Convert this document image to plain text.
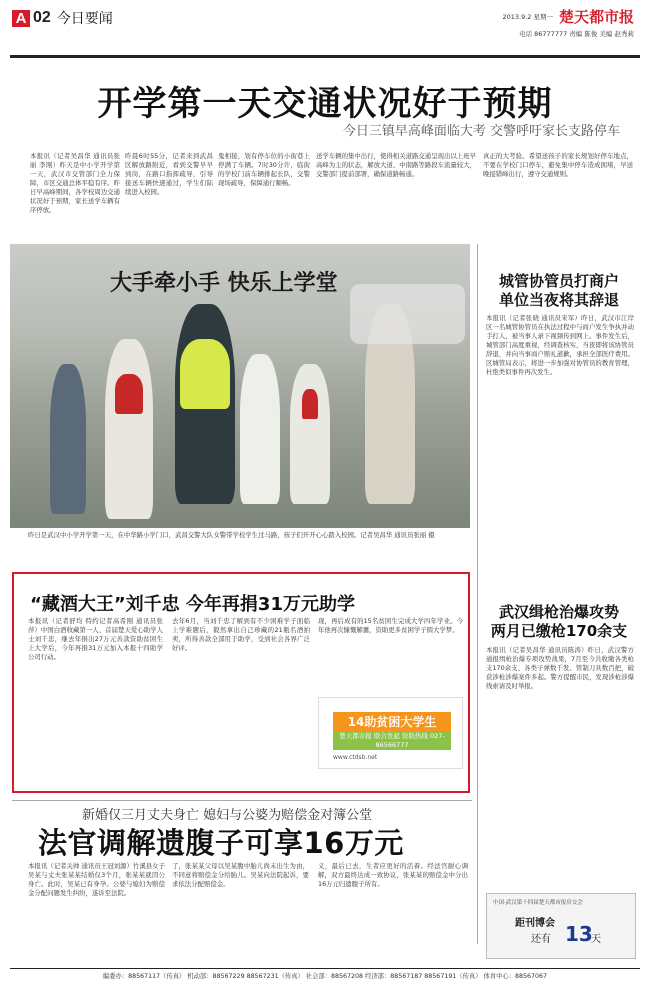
A 02 今日要闻	2013.9.2 星期一 楚天都市报
电话 86777777 责编 陈俊 美编 赵秀莉
开学第一天交通状况好于预期
今日三镇早高峰面临大考 交警呼吁家长支路停车
本报讯（记者吴昌华 通讯员张丽 李刚）昨天是中小学开学第一天，武汉市交管部门全力保障，市区交通总体平稳有序。昨日早高峰期间，各学校周边交通状况好于预期，家长送学车辆有序停放。
昨晨6时55分，记者来到武昌区解放路附近，看到交警早早到岗，在路口指挥疏导，引导接送车辆快速通过，学生们陆续进入校园。
鬼相接，划有停车位的小街巷上停满了车辆。7时30分许，临街的学校门前车辆排起长队，交警现场疏导，保障通行顺畅。
送学车辆的集中出行，使得相关道路交通呈现出以上班早高峰为主的状态，解放大道、中南路等路段车流量较大，交警部门提前部署，确保道路畅通。
真正的大考验。希望送孩子的家长规划好停车地点，不要在学校门口停车，避免集中停车造成拥堵，早送晚接错峰出行，遵守交通规则。
大手牵小手 快乐上学堂
昨日是武汉中小学开学第一天，在中华路小学门口，武昌交警大队女警带学校学生过马路，孩子们开开心心踏入校园。记者吴昌华 通讯员张丽 摄
“藏酒大王”刘千忠 今年再捐31万元助学
本报讯（记者舒均 特约记者高希刚 通讯员张萍）中国白酒收藏第一人、首届楚天爱心助学人士刘千忠，继去年捐出27万元善款资助贫困生上大学后，今年再捐31万元加入本报十四助学公司行动。
去年6月，当刘千忠了解到有不少困难学子面临上学难题后，毅然拿出自己珍藏的21瓶名酒拍卖，所得善款全部用于助学，受到社会各界广泛好评。
现，再后成有的15名贫困生完成大学四年学业。今年他再次慷慨解囊，资助更多贫困学子圆大学梦。
14助贫困大学生
楚天都市报 联合发起 资助热线 027-86566777
www.ctdsb.net
城管协管员打商户
单位当夜将其辞退
本报讯（记者张晓 通讯员宋军）昨日，武汉市江岸区一名城管协管员在执法过程中与商户发生争执并动手打人，被当事人录下视频传到网上。事件发生后，城管部门高度重视，经调查核实，当夜即将该协管员辞退，并向当事商户赔礼道歉，承担全部医疗费用。区城管局表示，将进一步加强对协管员的教育管理，杜绝类似事件再次发生。
武汉缉枪治爆攻势
两月已缴枪170余支
本报讯（记者吴昌华 通讯员陈涛）昨日，武汉警方通报缉枪治爆专项攻势战果，7月至今共收缴各类枪支170余支、各类子弹数千发、管制刀具数百把，破获涉枪涉爆案件多起。警方提醒市民，发现涉枪涉爆线索请及时举报。
中国·武汉第十四届楚天都市报房交会
距刊博会
还有 13
天
新婚仅三月丈夫身亡 媳妇与公婆为赔偿金对簿公堂
法官调解遗腹子可享16万元
本报讯（记者关帅 通讯员王冠刘源）竹溪县女子吴某与丈夫张某某结婚仅3个月，张某某就因公身亡。此时，吴某已有身孕。公婆与媳妇为赔偿金分配问题发生纠纷，遂诉至法院。
了，张某某父母以吴某腹中胎儿尚未出生为由，不同意将赔偿金分给胎儿。吴某向法院起诉，要求依法分配赔偿金。
义，最后已去，生者应更好的活着。经法官耐心调解，双方最终达成一致协议，张某某的赔偿金中分出16万元归遗腹子所有。
编委办：88567117（传真） 机动部：88567229 88567231（传真） 社会部：88567208 经济部：88567187 88567191（传真） 体育中心：88567067
